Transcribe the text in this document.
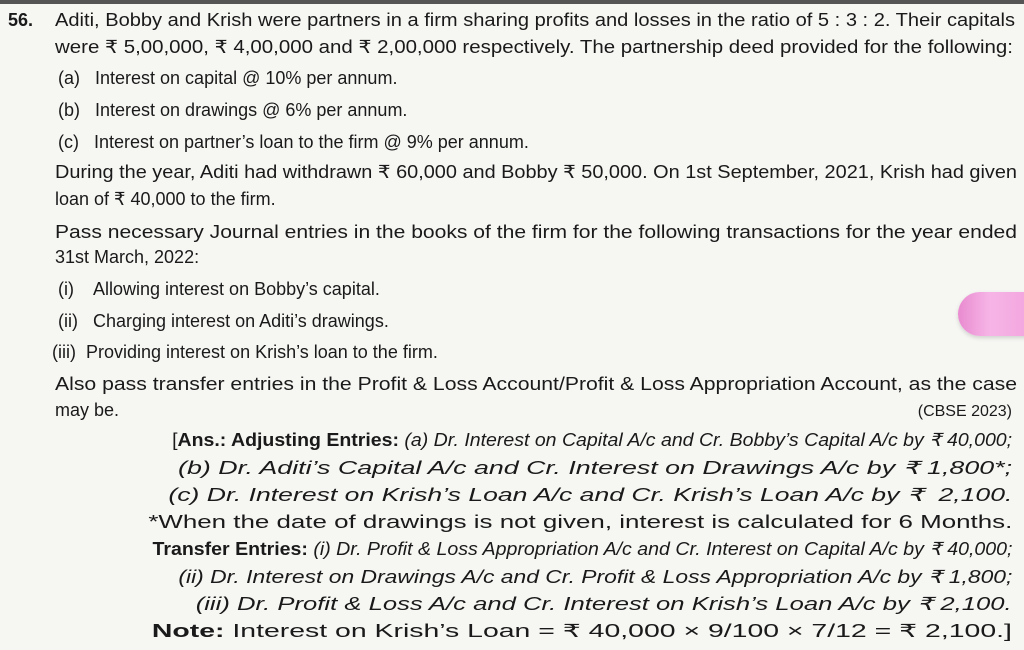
56. Aditi, Bobby and Krish were partners in a firm sharing profits and losses in the ratio of 5 : 3 : 2. Their capitals
were ₹ 5,00,000, ₹ 4,00,000 and ₹ 2,00,000 respectively. The partnership deed provided for the following:
(a)   Interest on capital @ 10% per annum.
(b)   Interest on drawings @ 6% per annum.
(c)   Interest on partner’s loan to the firm @ 9% per annum.
During the year, Aditi had withdrawn ₹ 60,000 and Bobby ₹ 50,000. On 1st September, 2021, Krish had given
loan of ₹ 40,000 to the firm.
Pass necessary Journal entries in the books of the firm for the following transactions for the year ended
31st March, 2022:
(i)    Allowing interest on Bobby’s capital.
(ii)   Charging interest on Aditi’s drawings.
(iii)  Providing interest on Krish’s loan to the firm.
Also pass transfer entries in the Profit & Loss Account/Profit & Loss Appropriation Account, as the case
may be.
[Ans.: Adjusting Entries: (a) Dr. Interest on Capital A/c and Cr. Bobby’s Capital A/c by ₹ 40,000;
(b) Dr. Aditi’s Capital A/c and Cr. Interest on Drawings A/c by ₹ 1,800*;
(c) Dr. Interest on Krish’s Loan A/c and Cr. Krish’s Loan A/c by ₹  2,100.
*When the date of drawings is not given, interest is calculated for 6 Months.
Transfer Entries: (i) Dr. Profit & Loss Appropriation A/c and Cr. Interest on Capital A/c by ₹ 40,000;
(ii) Dr. Interest on Drawings A/c and Cr. Profit & Loss Appropriation A/c by ₹ 1,800;
(iii) Dr. Profit & Loss A/c and Cr. Interest on Krish’s Loan A/c by ₹ 2,100.
Note: Interest on Krish’s Loan = ₹ 40,000 × 9/100 × 7/12 = ₹ 2,100.]
(CBSE 2023)
